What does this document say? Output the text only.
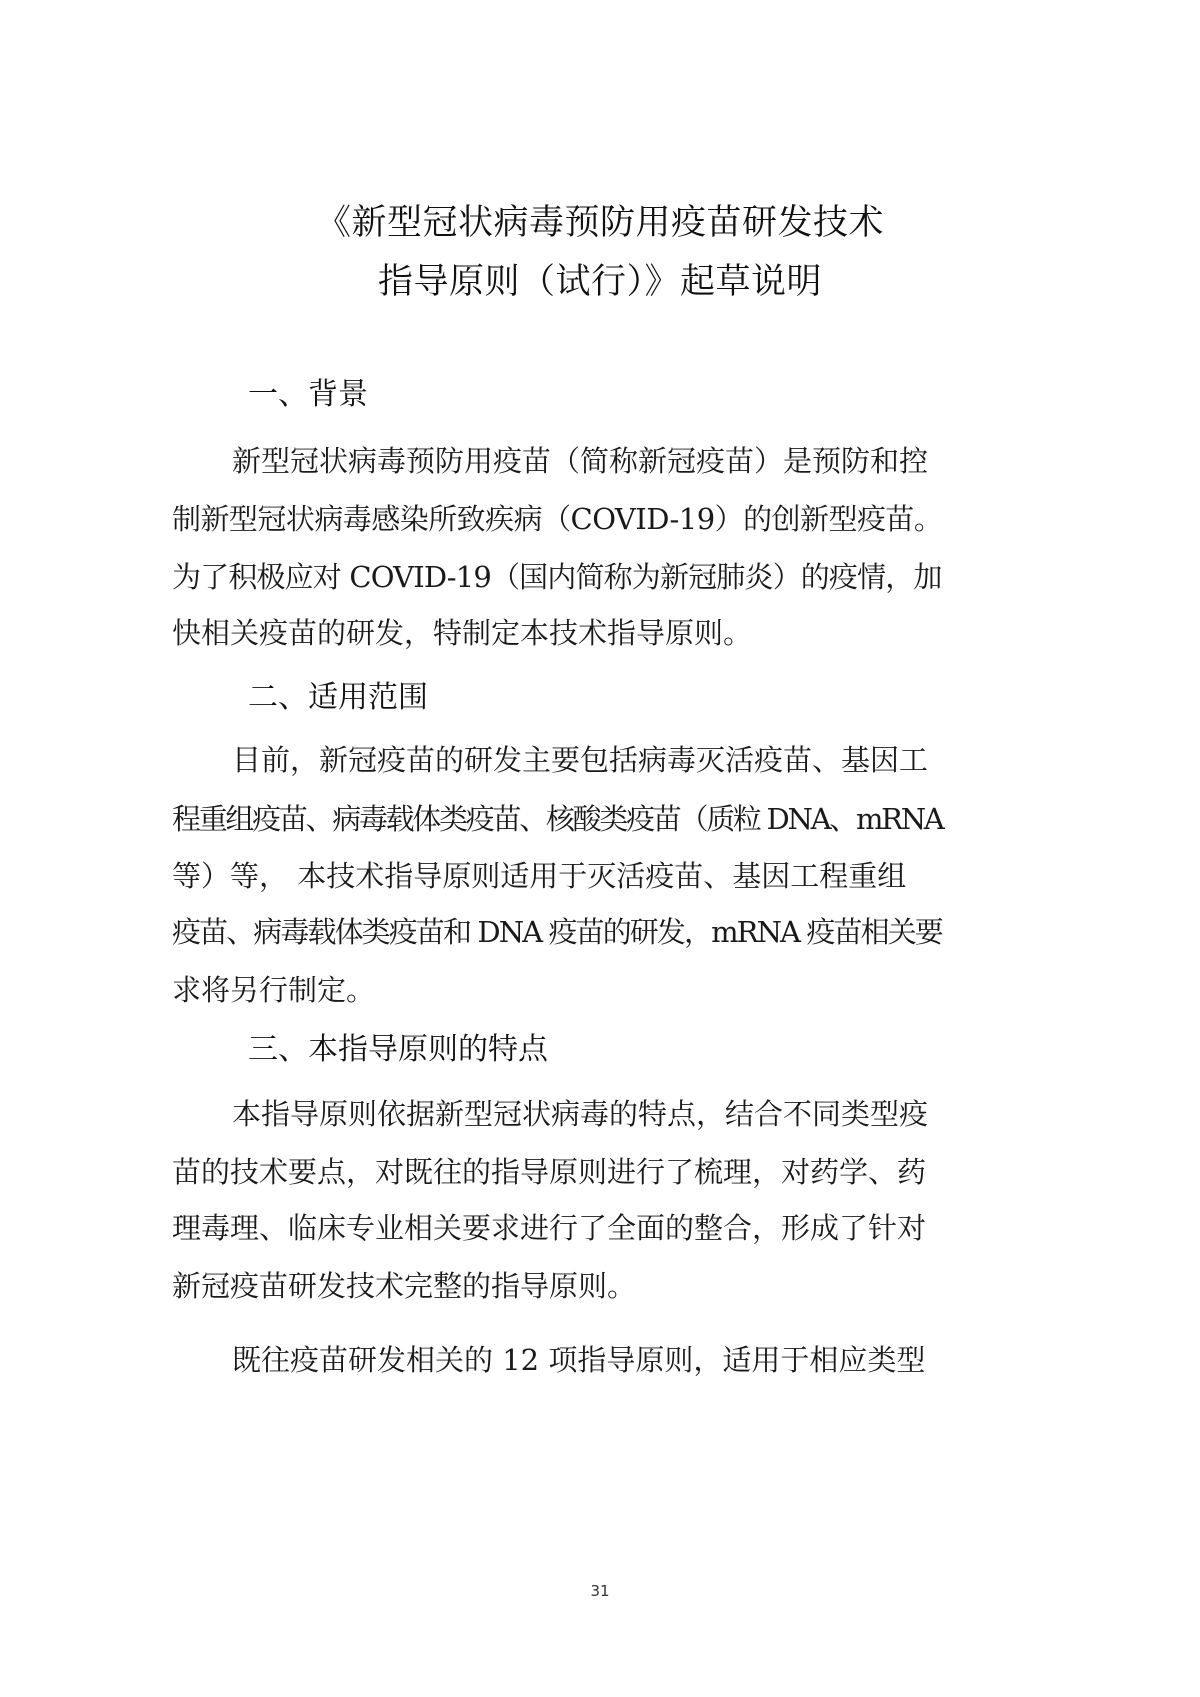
《新型冠状病毒预防用疫苗研发技术
指导原则（试行）》起草说明
一、背景
新型冠状病毒预防用疫苗（简称新冠疫苗）是预防和控
制新型冠状病毒感染所致疾病（COVID-19）的创新型疫苗。
为了积极应对 COVID-19（国内简称为新冠肺炎）的疫情，加
快相关疫苗的研发，特制定本技术指导原则。
二、适用范围
目前，新冠疫苗的研发主要包括病毒灭活疫苗、基因工
程重组疫苗、病毒载体类疫苗、核酸类疫苗（质粒 DNA、mRNA
等）等， 本技术指导原则适用于灭活疫苗、基因工程重组
疫苗、病毒载体类疫苗和 DNA 疫苗的研发，mRNA 疫苗相关要
求将另行制定。
三、本指导原则的特点
本指导原则依据新型冠状病毒的特点，结合不同类型疫
苗的技术要点，对既往的指导原则进行了梳理，对药学、药
理毒理、临床专业相关要求进行了全面的整合，形成了针对
新冠疫苗研发技术完整的指导原则。
既往疫苗研发相关的 12 项指导原则，适用于相应类型
31
